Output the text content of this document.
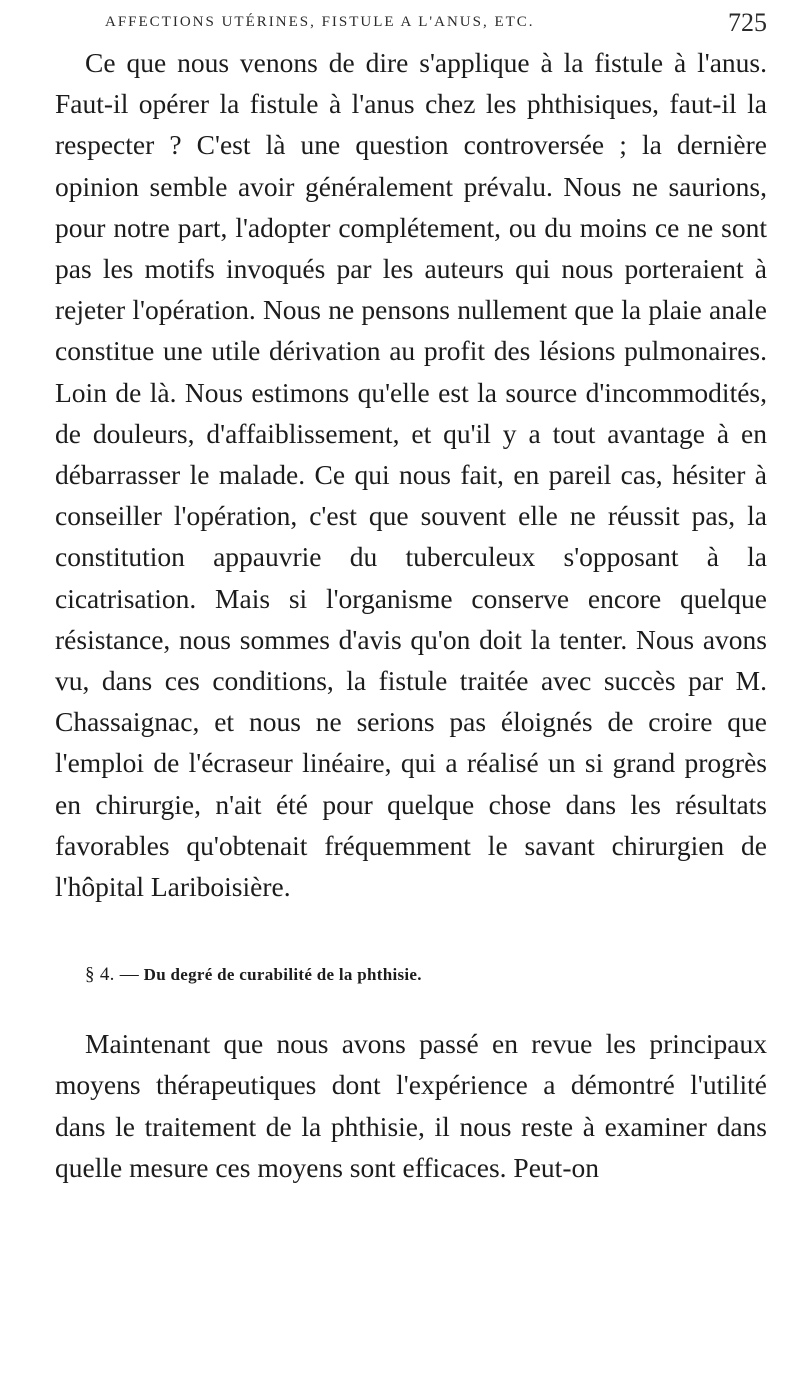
AFFECTIONS UTÉRINES, FISTULE A L'ANUS, ETC.	725

Ce que nous venons de dire s'applique à la fistule à l'anus. Faut-il opérer la fistule à l'anus chez les phthisiques, faut-il la respecter ? C'est là une question controversée ; la dernière opinion semble avoir généralement prévalu. Nous ne saurions, pour notre part, l'adopter complétement, ou du moins ce ne sont pas les motifs invoqués par les auteurs qui nous porteraient à rejeter l'opération. Nous ne pensons nullement que la plaie anale constitue une utile dérivation au profit des lésions pulmonaires. Loin de là. Nous estimons qu'elle est la source d'incommodités, de douleurs, d'affaiblissement, et qu'il y a tout avantage à en débarrasser le malade. Ce qui nous fait, en pareil cas, hésiter à conseiller l'opération, c'est que souvent elle ne réussit pas, la constitution appauvrie du tuberculeux s'opposant à la cicatrisation. Mais si l'organisme conserve encore quelque résistance, nous sommes d'avis qu'on doit la tenter. Nous avons vu, dans ces conditions, la fistule traitée avec succès par M. Chassaignac, et nous ne serions pas éloignés de croire que l'emploi de l'écraseur linéaire, qui a réalisé un si grand progrès en chirurgie, n'ait été pour quelque chose dans les résultats favorables qu'obtenait fréquemment le savant chirurgien de l'hôpital Lariboisière.

§ 4. — Du degré de curabilité de la phthisie.

Maintenant que nous avons passé en revue les principaux moyens thérapeutiques dont l'expérience a démontré l'utilité dans le traitement de la phthisie, il nous reste à examiner dans quelle mesure ces moyens sont efficaces. Peut-on
